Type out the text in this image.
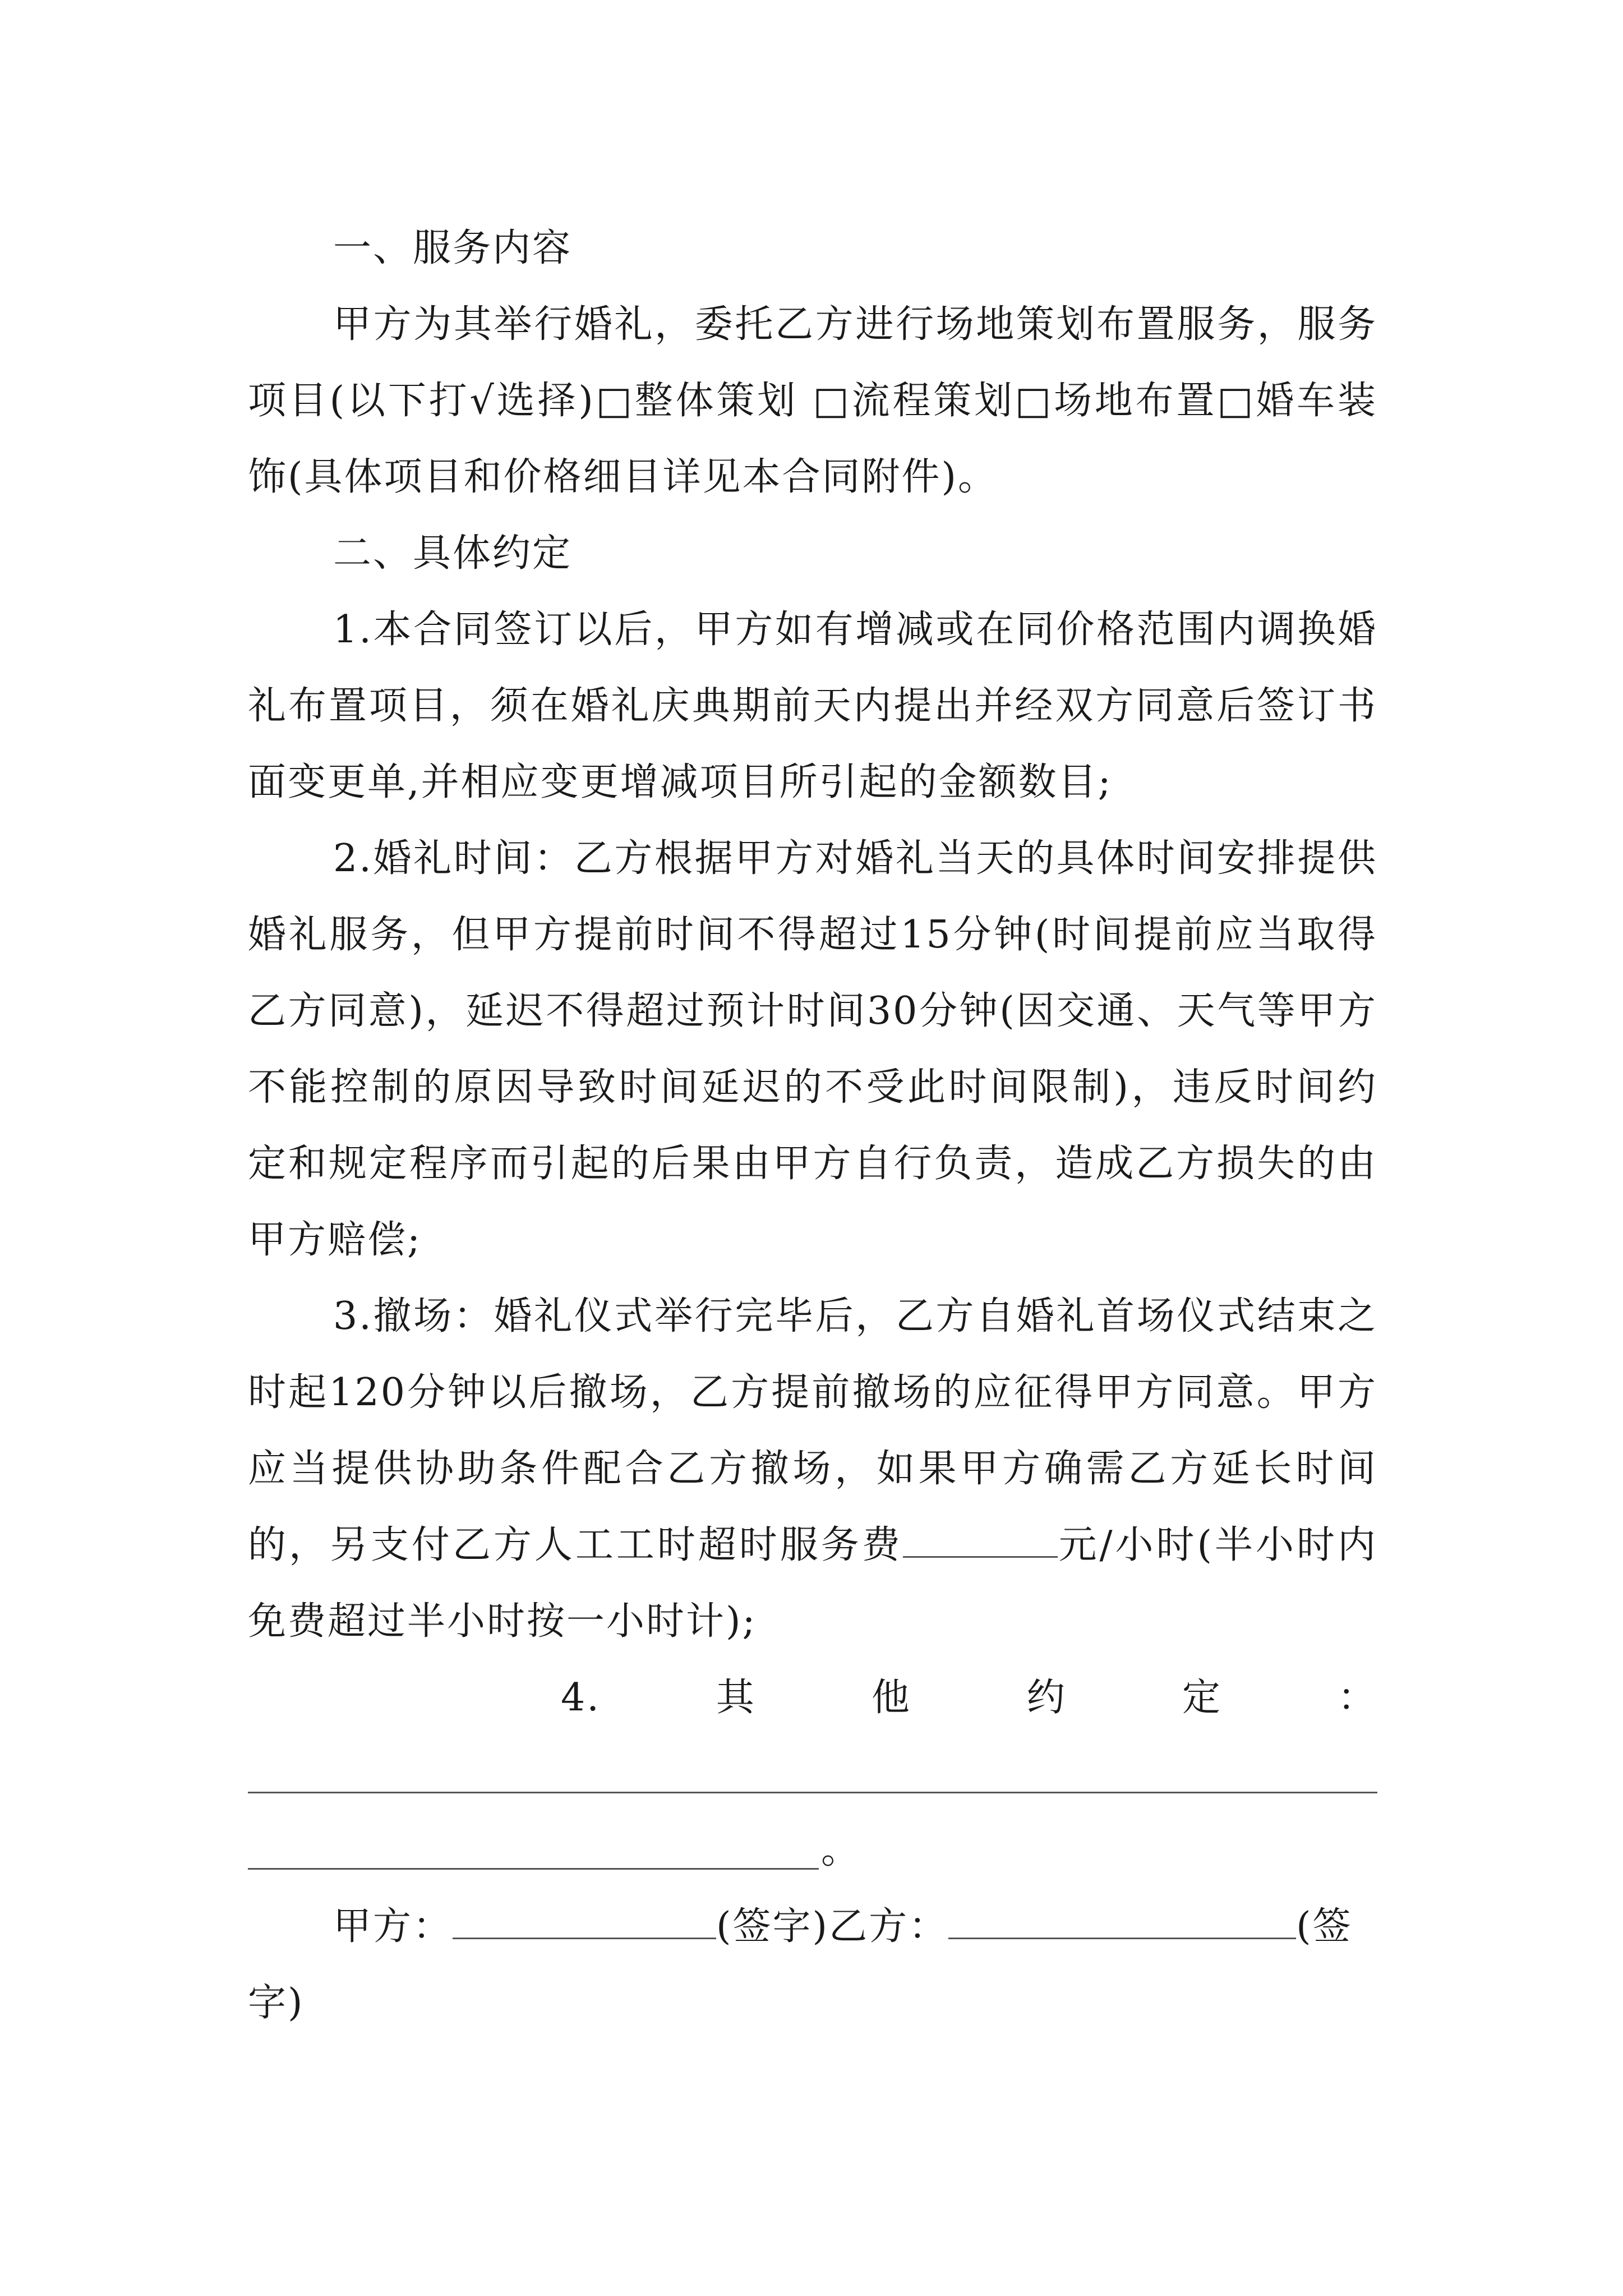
一、服务内容

甲方为其举行婚礼，委托乙方进行场地策划布置服务，服务项目(以下打√选择)□整体策划 □流程策划□场地布置□婚车装饰(具体项目和价格细目详见本合同附件)。

二、具体约定

1.本合同签订以后，甲方如有增减或在同价格范围内调换婚礼布置项目，须在婚礼庆典期前天内提出并经双方同意后签订书面变更单,并相应变更增减项目所引起的金额数目;

2.婚礼时间：乙方根据甲方对婚礼当天的具体时间安排提供婚礼服务，但甲方提前时间不得超过15分钟(时间提前应当取得乙方同意)，延迟不得超过预计时间30分钟(因交通、天气等甲方不能控制的原因导致时间延迟的不受此时间限制)，违反时间约定和规定程序而引起的后果由甲方自行负责，造成乙方损失的由甲方赔偿;

3.撤场：婚礼仪式举行完毕后，乙方自婚礼首场仪式结束之时起120分钟以后撤场，乙方提前撤场的应征得甲方同意。甲方应当提供协助条件配合乙方撤场，如果甲方确需乙方延长时间的，另支付乙方人工工时超时服务费	元/小时(半小时内免费超过半小时按一小时计);

4.	其	他	约	定	：
。

甲方：	(签字)乙方：	(签字)
